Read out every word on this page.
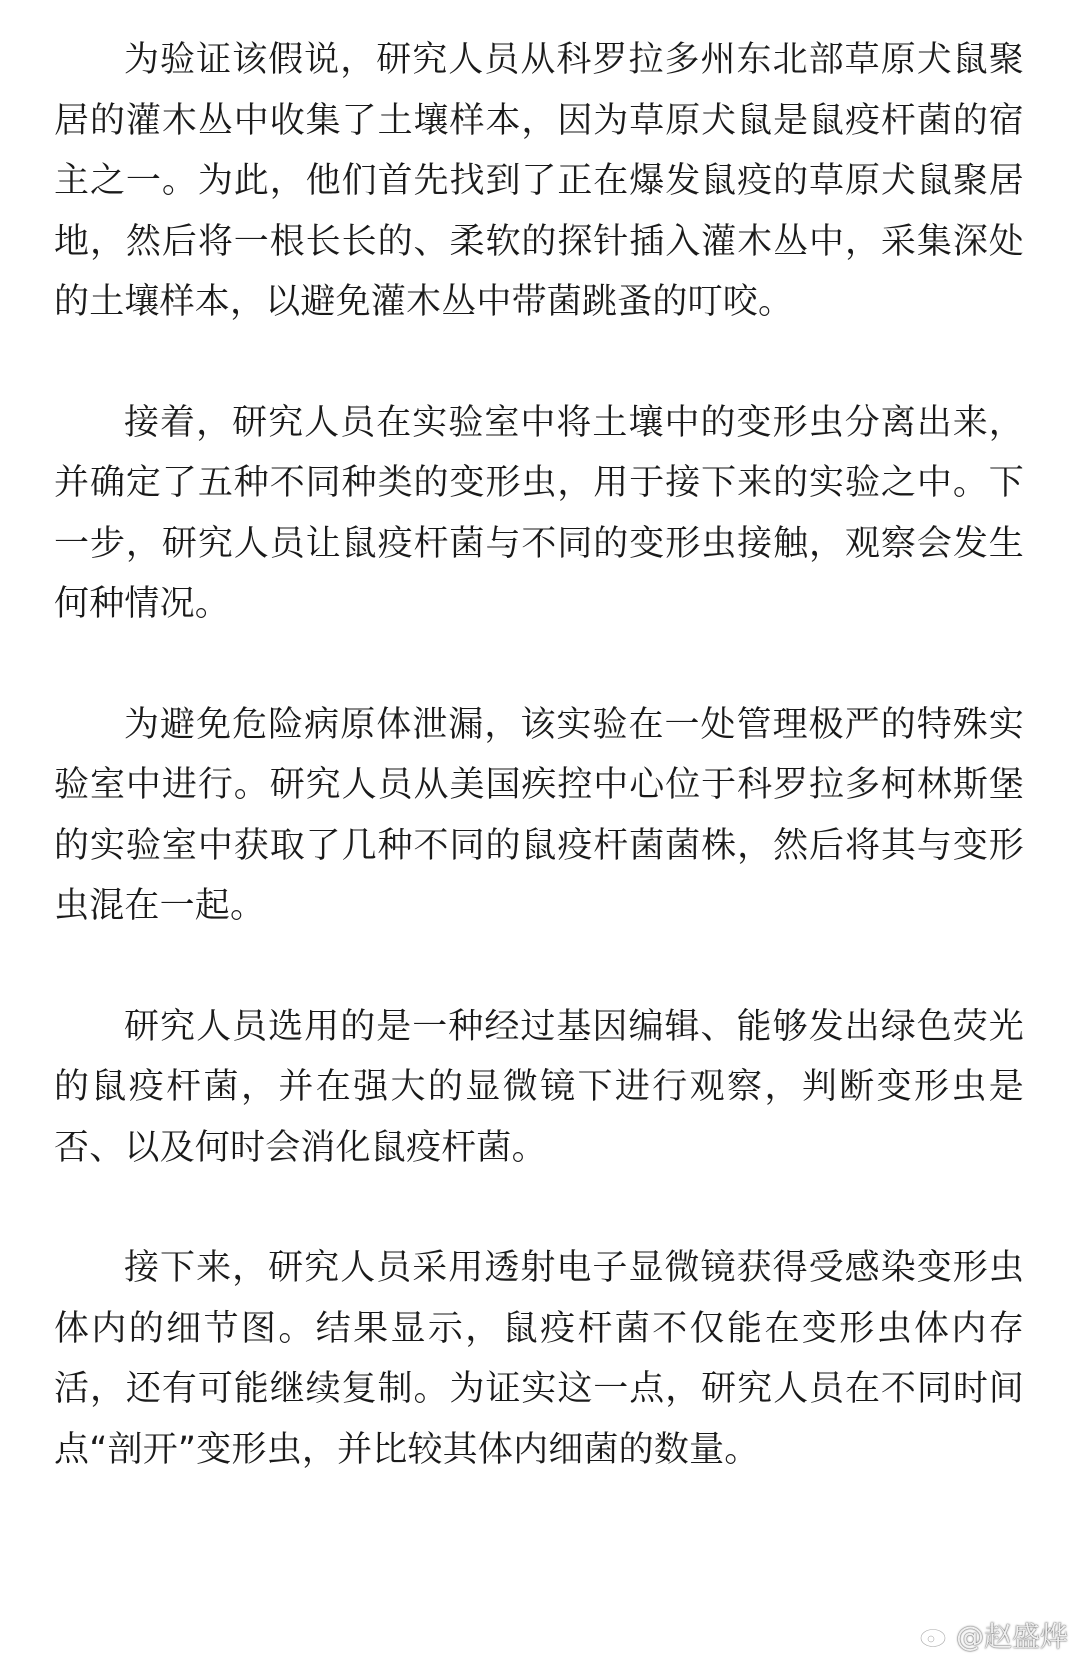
为验证该假说，研究人员从科罗拉多州东北部草原犬鼠聚居的灌木丛中收集了土壤样本，因为草原犬鼠是鼠疫杆菌的宿主之一。为此，他们首先找到了正在爆发鼠疫的草原犬鼠聚居地，然后将一根长长的、柔软的探针插入灌木丛中，采集深处的土壤样本，以避免灌木丛中带菌跳蚤的叮咬。

接着，研究人员在实验室中将土壤中的变形虫分离出来，并确定了五种不同种类的变形虫，用于接下来的实验之中。下一步，研究人员让鼠疫杆菌与不同的变形虫接触，观察会发生何种情况。

为避免危险病原体泄漏，该实验在一处管理极严的特殊实验室中进行。研究人员从美国疾控中心位于科罗拉多柯林斯堡的实验室中获取了几种不同的鼠疫杆菌菌株，然后将其与变形虫混在一起。

研究人员选用的是一种经过基因编辑、能够发出绿色荧光的鼠疫杆菌，并在强大的显微镜下进行观察，判断变形虫是否、以及何时会消化鼠疫杆菌。

接下来，研究人员采用透射电子显微镜获得受感染变形虫体内的细节图。结果显示，鼠疫杆菌不仅能在变形虫体内存活，还有可能继续复制。为证实这一点，研究人员在不同时间点“剖开”变形虫，并比较其体内细菌的数量。

@赵盛烨
